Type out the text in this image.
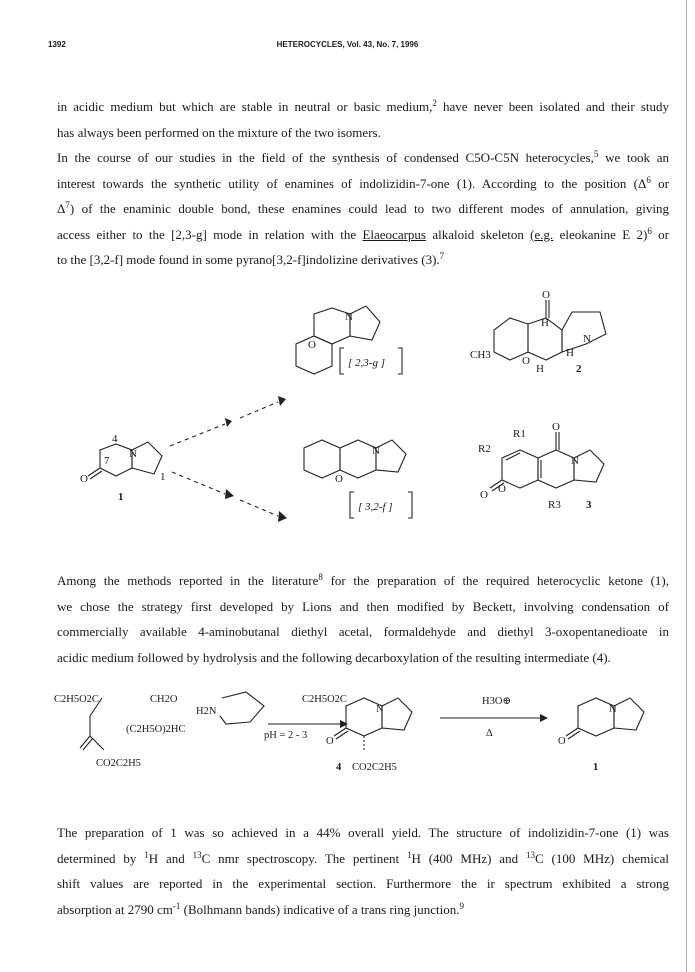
1392	HETEROCYCLES, Vol. 43, No. 7, 1996
in acidic medium but which are stable in neutral or basic medium,$^2$ have never been isolated and their study
has always been performed on the mixture of the two isomers.
In the course of our studies in the field of the synthesis of condensed C5O-C5N heterocycles,$^5$ we took an
interest towards the synthetic utility of enamines of indolizidin-7-one (1). According to the position ($\Delta^6$ or
$\Delta^7$) of the enaminic double bond, these enamines could lead to two different modes of annulation, giving
access either to the [2,3-g] mode in relation with the Elaeocarpus alkaloid skeleton (e.g. eleokanine E 2)$^6$ or
to the [3,2-f] mode found in some pyrano[3,2-f]indolizine derivatives (3).$^7$
4
N
7
O	1
1
N
O
[ 2,3-g ]
O
H
N
H
O
H
CH3
2
N
O
[ 3,2-f ]
R1
O
R2
N
O
O
3
R3
Among the methods reported in the literature$^8$ for the preparation of the required heterocyclic ketone (1),
we chose the strategy first developed by Lions and then modified by Beckett, involving condensation of
commercially available 4-aminobutanal diethyl acetal, formaldehyde and diethyl 3-oxopentanedioate in
acidic medium followed by hydrolysis and the following decarboxylation of the resulting intermediate (4).
C2H5O2C	CH2O
H2N
(C2H5O)2HC
CO2C2H5
pH = 2 - 3
C2H5O2C
N
O
4 CO2C2H5
H3O⊕
Δ
N
O
1
The preparation of 1 was so achieved in a 44% overall yield. The structure of indolizidin-7-one (1) was
determined by $^1$H and $^{13}$C nmr spectroscopy. The pertinent $^1$H (400 MHz) and $^{13}$C (100 MHz) chemical
shift values are reported in the experimental section. Furthermore the ir spectrum exhibited a strong
absorption at 2790 $cm^{-1}$ (Bolhmann bands) indicative of a trans ring junction.$^9$
